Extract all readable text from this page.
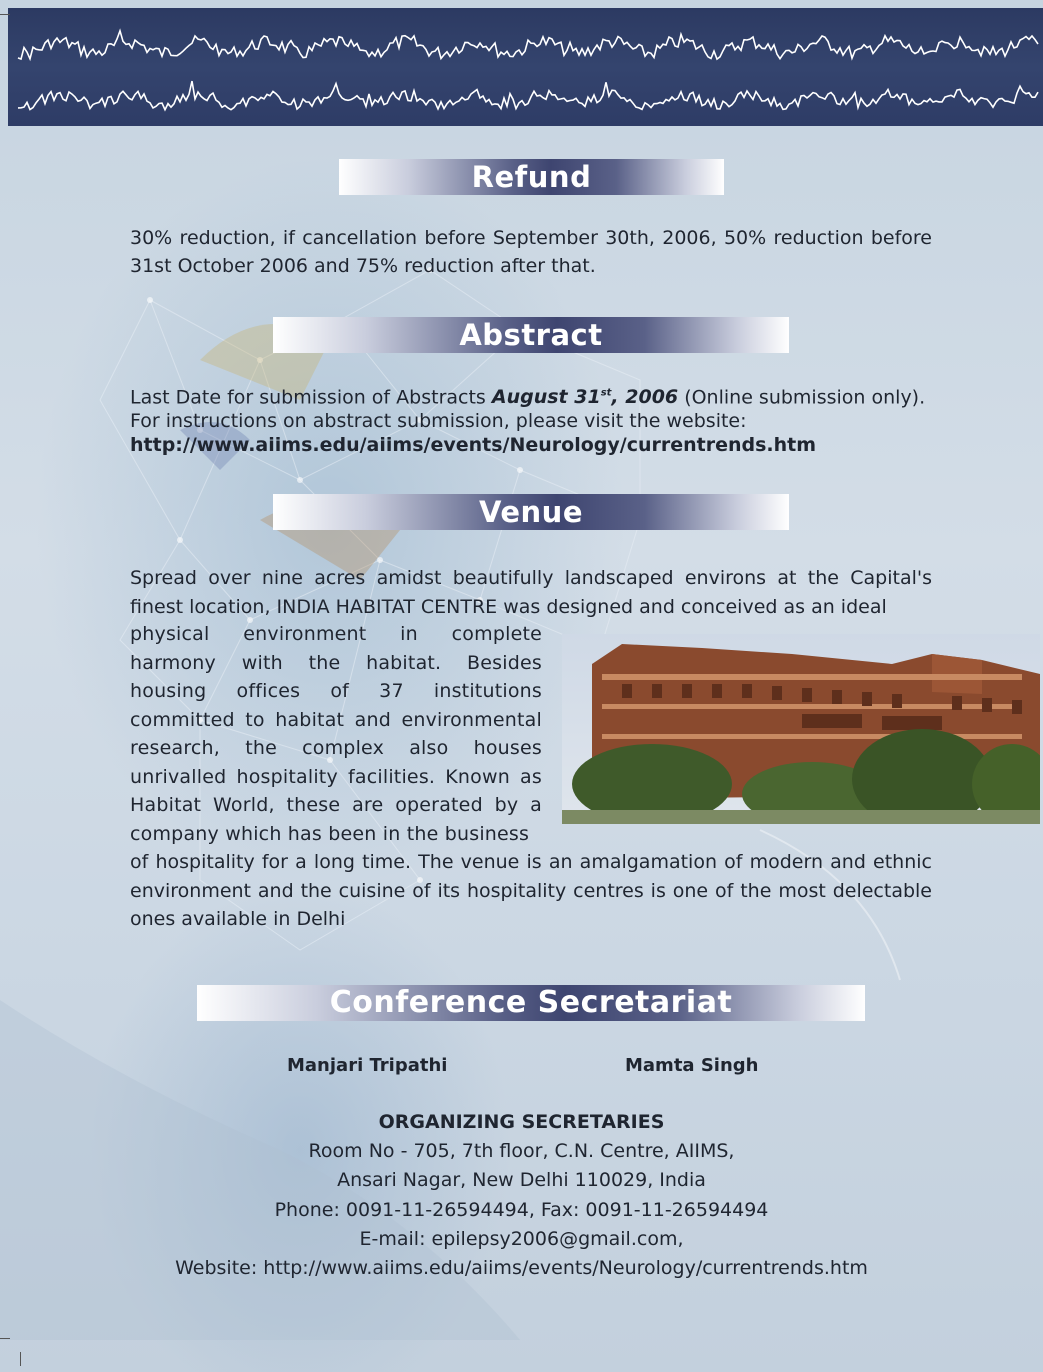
Refund
30% reduction, if cancellation before September 30th, 2006, 50% reduction before 31st October 2006 and 75% reduction after that.
Abstract
Last Date for submission of Abstracts August 31st, 2006 (Online submission only). For instructions on abstract submission, please visit the website:
http://www.aiims.edu/aiims/events/Neurology/currentrends.htm
Venue
Spread over nine acres amidst beautifully landscaped environs at the Capital's finest location, INDIA HABITAT CENTRE was designed and conceived as an ideal
physical environment in complete harmony with the habitat. Besides housing offices of 37 institutions committed to habitat and environmental research, the complex also houses unrivalled hospitality facilities. Known as Habitat World, these are operated by a company which has been in the business
of hospitality for a long time. The venue is an amalgamation of modern and ethnic environment and the cuisine of its hospitality centres is one of the most delectable ones available in Delhi
Conference Secretariat
Manjari Tripathi	Mamta Singh
ORGANIZING SECRETARIES
Room No - 705, 7th floor, C.N. Centre, AIIMS,
Ansari Nagar, New Delhi 110029, India
Phone: 0091-11-26594494, Fax: 0091-11-26594494
E-mail: epilepsy2006@gmail.com,
Website: http://www.aiims.edu/aiims/events/Neurology/currentrends.htm
